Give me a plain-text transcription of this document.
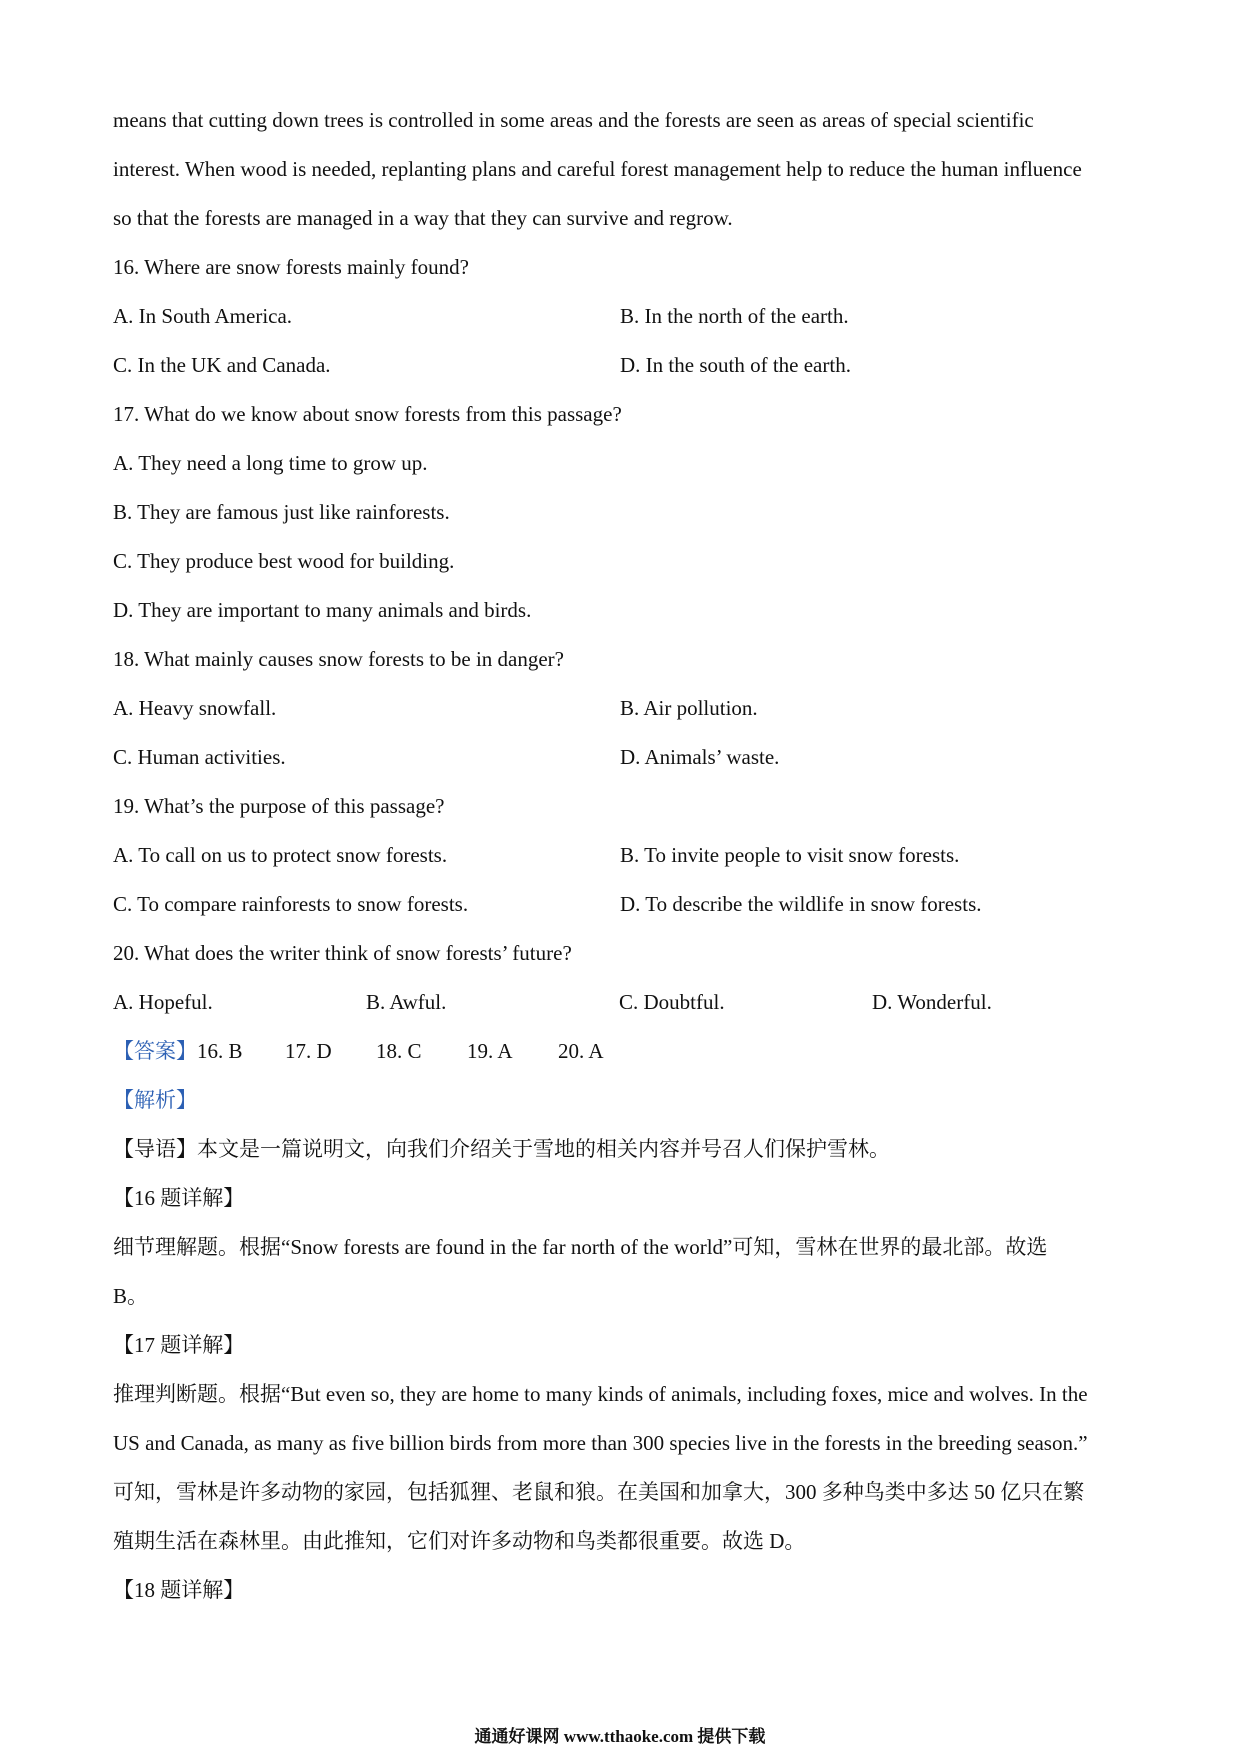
means that cutting down trees is controlled in some areas and the forests are seen as areas of special scientific
interest. When wood is needed, replanting plans and careful forest management help to reduce the human influence
so that the forests are managed in a way that they can survive and regrow.
16. Where are snow forests mainly found?
A. In South America.	B. In the north of the earth.
C. In the UK and Canada.	D. In the south of the earth.
17. What do we know about snow forests from this passage?
A. They need a long time to grow up.
B. They are famous just like rainforests.
C. They produce best wood for building.
D. They are important to many animals and birds.
18. What mainly causes snow forests to be in danger?
A. Heavy snowfall.	B. Air pollution.
C. Human activities.	D. Animals’ waste.
19. What’s the purpose of this passage?
A. To call on us to protect snow forests.	B. To invite people to visit snow forests.
C. To compare rainforests to snow forests.	D. To describe the wildlife in snow forests.
20. What does the writer think of snow forests’ future?
A. Hopeful.	B. Awful.	C. Doubtful.	D. Wonderful.
【答案】 16. B	17. D	18. C	19. A	20. A
【解析】
【导语】本文是一篇说明文，向我们介绍关于雪地的相关内容并号召人们保护雪林。
【16 题详解】
细节理解题。根据“Snow forests are found in the far north of the world”可知，雪林在世界的最北部。故选
B。
【17 题详解】
推理判断题。根据“But even so, they are home to many kinds of animals, including foxes, mice and wolves. In the
US and Canada, as many as five billion birds from more than 300 species live in the forests in the breeding season.”
可知，雪林是许多动物的家园，包括狐狸、老鼠和狼。在美国和加拿大，300 多种鸟类中多达 50 亿只在繁
殖期生活在森林里。由此推知，它们对许多动物和鸟类都很重要。故选 D。
【18 题详解】
通通好课网 www.tthaoke.com 提供下载
